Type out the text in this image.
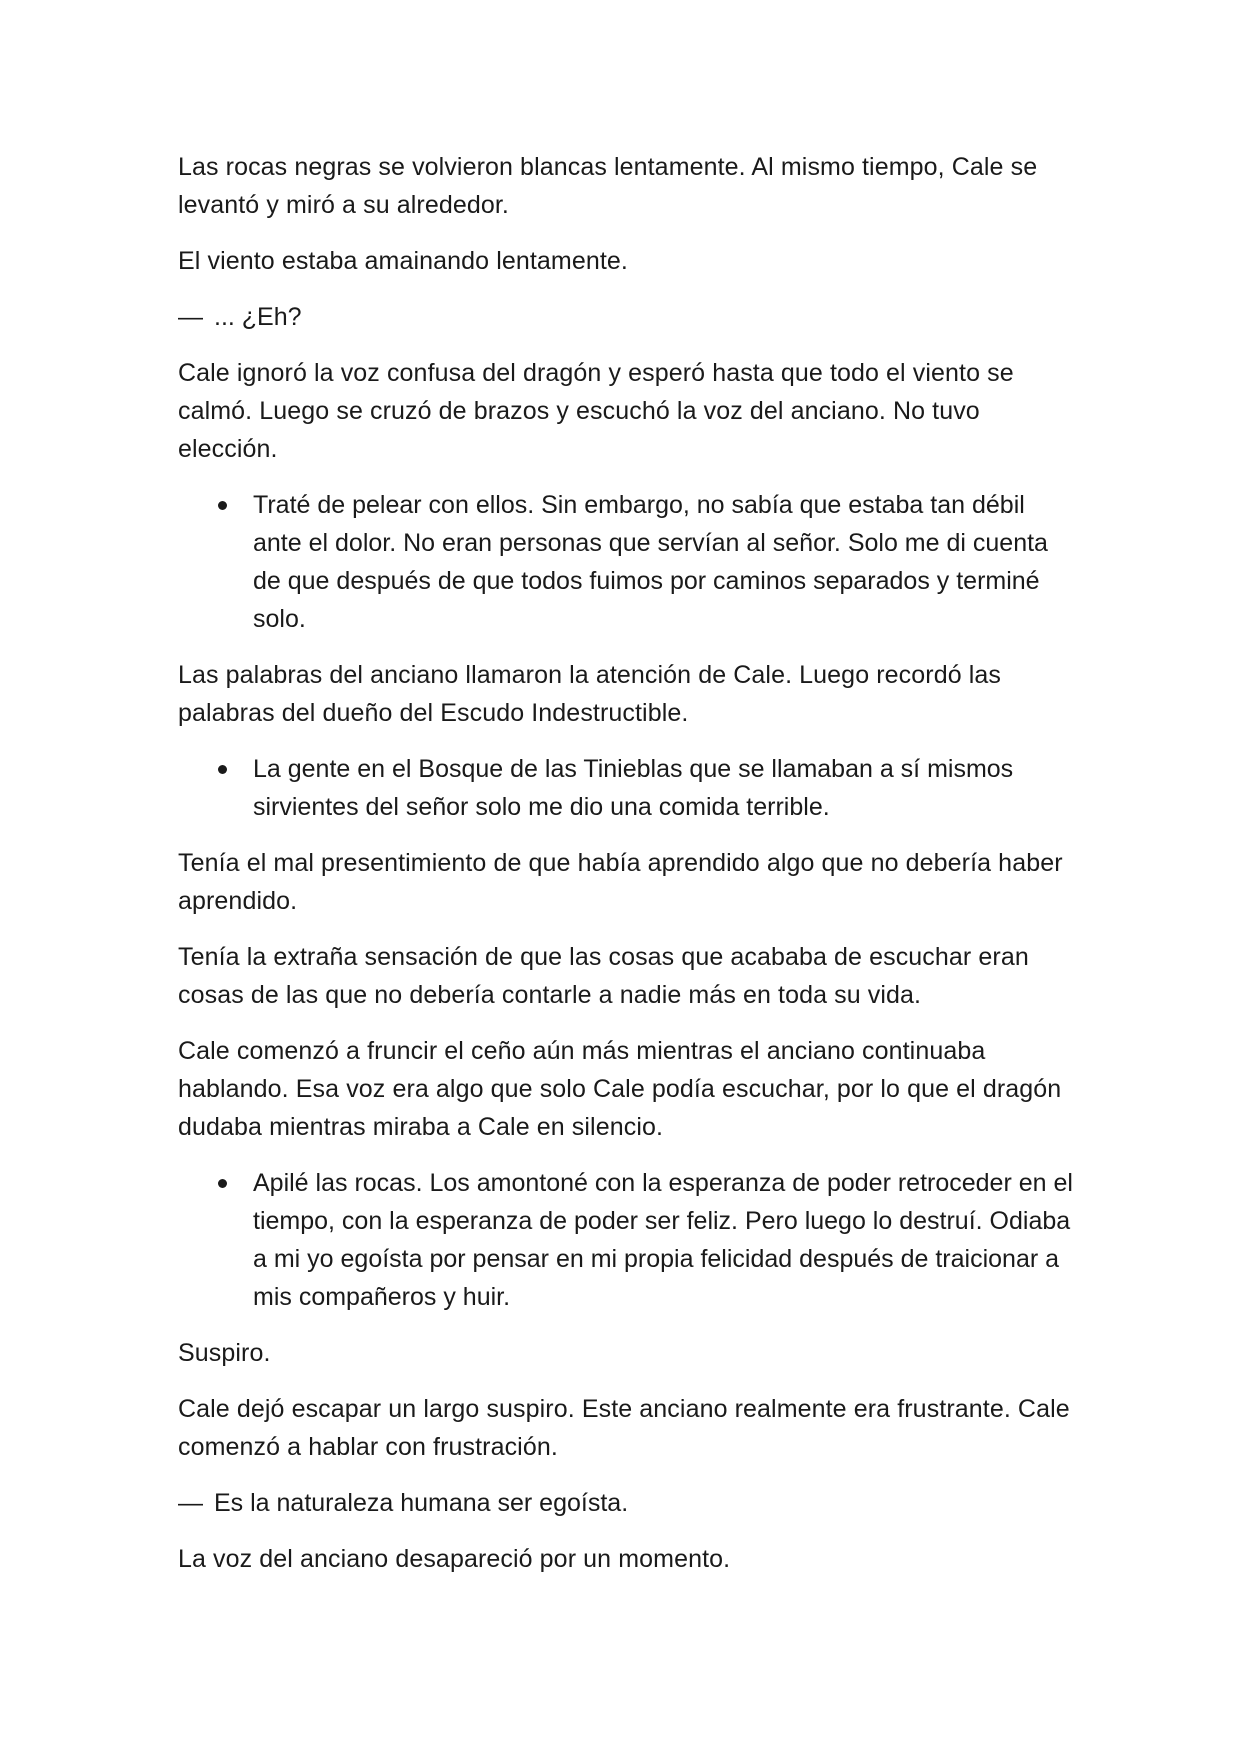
Las rocas negras se volvieron blancas lentamente. Al mismo tiempo, Cale se levantó y miró a su alrededor.

El viento estaba amainando lentamente.

— ... ¿Eh?

Cale ignoró la voz confusa del dragón y esperó hasta que todo el viento se calmó. Luego se cruzó de brazos y escuchó la voz del anciano. No tuvo elección.

Traté de pelear con ellos. Sin embargo, no sabía que estaba tan débil ante el dolor. No eran personas que servían al señor. Solo me di cuenta de que después de que todos fuimos por caminos separados y terminé solo.

Las palabras del anciano llamaron la atención de Cale. Luego recordó las palabras del dueño del Escudo Indestructible.

La gente en el Bosque de las Tinieblas que se llamaban a sí mismos sirvientes del señor solo me dio una comida terrible.

Tenía el mal presentimiento de que había aprendido algo que no debería haber aprendido.

Tenía la extraña sensación de que las cosas que acababa de escuchar eran cosas de las que no debería contarle a nadie más en toda su vida.

Cale comenzó a fruncir el ceño aún más mientras el anciano continuaba hablando. Esa voz era algo que solo Cale podía escuchar, por lo que el dragón dudaba mientras miraba a Cale en silencio.

Apilé las rocas. Los amontoné con la esperanza de poder retroceder en el tiempo, con la esperanza de poder ser feliz. Pero luego lo destruí. Odiaba a mi yo egoísta por pensar en mi propia felicidad después de traicionar a mis compañeros y huir.

Suspiro.

Cale dejó escapar un largo suspiro. Este anciano realmente era frustrante. Cale comenzó a hablar con frustración.

— Es la naturaleza humana ser egoísta.

La voz del anciano desapareció por un momento.
